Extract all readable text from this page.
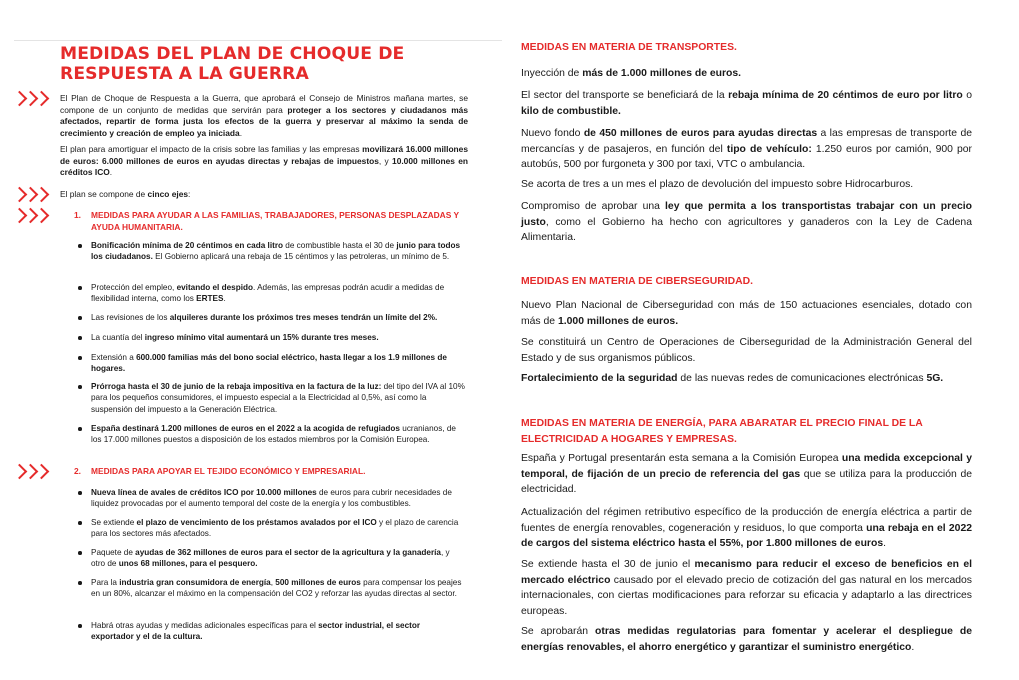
MEDIDAS DEL PLAN DE CHOQUE DE RESPUESTA A LA GUERRA
El Plan de Choque de Respuesta a la Guerra, que aprobará el Consejo de Ministros mañana martes, se compone de un conjunto de medidas que servirán para proteger a los sectores y ciudadanos más afectados, repartir de forma justa los efectos de la guerra y preservar al máximo la senda de crecimiento y creación de empleo ya iniciada.
El plan para amortiguar el impacto de la crisis sobre las familias y las empresas movilizará 16.000 millones de euros: 6.000 millones de euros en ayudas directas y rebajas de impuestos, y 10.000 millones en créditos ICO.
El plan se compone de cinco ejes:
1. MEDIDAS PARA AYUDAR A LAS FAMILIAS, TRABAJADORES, PERSONAS DESPLAZADAS Y AYUDA HUMANITARIA.
Bonificación mínima de 20 céntimos en cada litro de combustible hasta el 30 de junio para todos los ciudadanos. El Gobierno aplicará una rebaja de 15 céntimos y las petroleras, un mínimo de 5.
Protección del empleo, evitando el despido. Además, las empresas podrán acudir a medidas de flexibilidad interna, como los ERTES.
Las revisiones de los alquileres durante los próximos tres meses tendrán un límite del 2%.
La cuantía del ingreso mínimo vital aumentará un 15% durante tres meses.
Extensión a 600.000 familias más del bono social eléctrico, hasta llegar a los 1.9 millones de hogares.
Prórroga hasta el 30 de junio de la rebaja impositiva en la factura de la luz: del tipo del IVA al 10% para los pequeños consumidores, el impuesto especial a la Electricidad al 0,5%, así como la suspensión del impuesto a la Generación Eléctrica.
España destinará 1.200 millones de euros en el 2022 a la acogida de refugiados ucranianos, de los 17.000 millones puestos a disposición de los estados miembros por la Comisión Europea.
2. MEDIDAS PARA APOYAR EL TEJIDO ECONÓMICO Y EMPRESARIAL.
Nueva línea de avales de créditos ICO por 10.000 millones de euros para cubrir necesidades de liquidez provocadas por el aumento temporal del coste de la energía y los combustibles.
Se extiende el plazo de vencimiento de los préstamos avalados por el ICO y el plazo de carencia para los sectores más afectados.
Paquete de ayudas de 362 millones de euros para el sector de la agricultura y la ganadería, y otro de unos 68 millones, para el pesquero.
Para la industria gran consumidora de energía, 500 millones de euros para compensar los peajes en un 80%, alcanzar el máximo en la compensación del CO2 y reforzar las ayudas directas al sector.
Habrá otras ayudas y medidas adicionales específicas para el sector industrial, el sector exportador y el de la cultura.
MEDIDAS EN MATERIA DE TRANSPORTES.
Inyección de más de 1.000 millones de euros.
El sector del transporte se beneficiará de la rebaja mínima de 20 céntimos de euro por litro o kilo de combustible.
Nuevo fondo de 450 millones de euros para ayudas directas a las empresas de transporte de mercancías y de pasajeros, en función del tipo de vehículo: 1.250 euros por camión, 900 por autobús, 500 por furgoneta y 300 por taxi, VTC o ambulancia.
Se acorta de tres a un mes el plazo de devolución del impuesto sobre Hidrocarburos.
Compromiso de aprobar una ley que permita a los transportistas trabajar con un precio justo, como el Gobierno ha hecho con agricultores y ganaderos con la Ley de Cadena Alimentaria.
MEDIDAS EN MATERIA DE CIBERSEGURIDAD.
Nuevo Plan Nacional de Ciberseguridad con más de 150 actuaciones esenciales, dotado con más de 1.000 millones de euros.
Se constituirá un Centro de Operaciones de Ciberseguridad de la Administración General del Estado y de sus organismos públicos.
Fortalecimiento de la seguridad de las nuevas redes de comunicaciones electrónicas 5G.
MEDIDAS EN MATERIA DE ENERGÍA, PARA ABARATAR EL PRECIO FINAL DE LA ELECTRICIDAD A HOGARES Y EMPRESAS.
España y Portugal presentarán esta semana a la Comisión Europea una medida excepcional y temporal, de fijación de un precio de referencia del gas que se utiliza para la producción de electricidad.
Actualización del régimen retributivo específico de la producción de energía eléctrica a partir de fuentes de energía renovables, cogeneración y residuos, lo que comporta una rebaja en el 2022 de cargos del sistema eléctrico hasta el 55%, por 1.800 millones de euros.
Se extiende hasta el 30 de junio el mecanismo para reducir el exceso de beneficios en el mercado eléctrico causado por el elevado precio de cotización del gas natural en los mercados internacionales, con ciertas modificaciones para reforzar su eficacia y adaptarlo a las directrices europeas.
Se aprobarán otras medidas regulatorias para fomentar y acelerar el despliegue de energías renovables, el ahorro energético y garantizar el suministro energético.
